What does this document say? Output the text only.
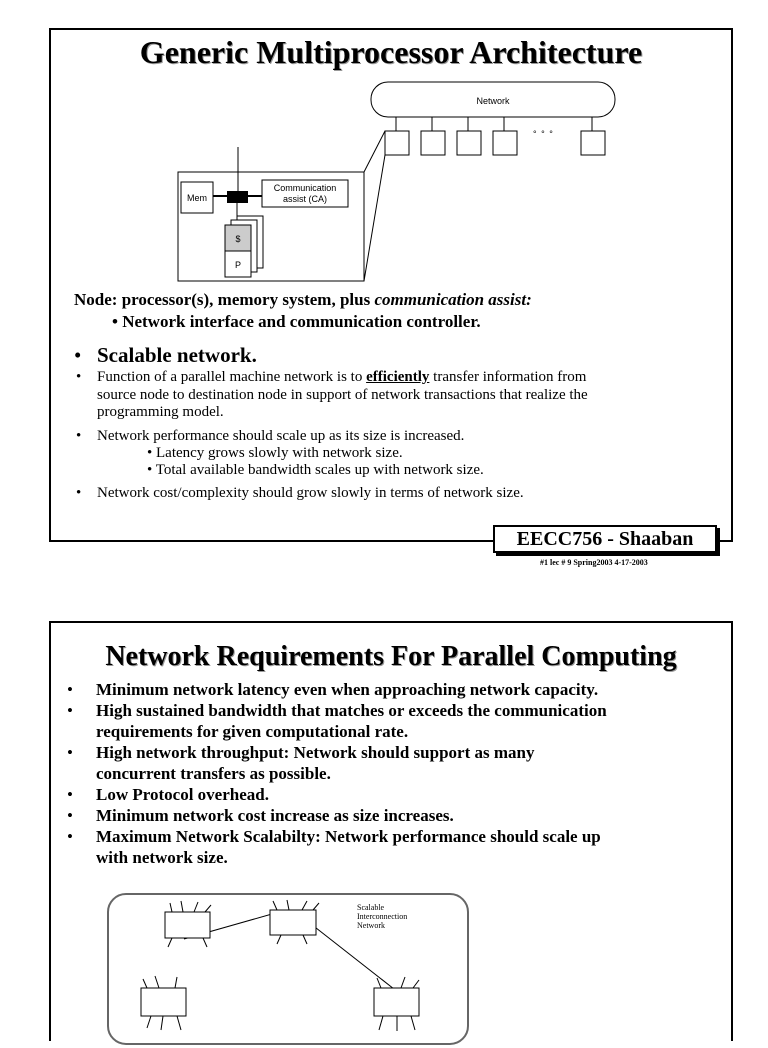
Generic Multiprocessor Architecture
Network
° ° °
Mem
Communication
assist (CA)
$
P
Node: processor(s), memory system, plus communication assist:
• Network interface and communication controller.
• Scalable network.
• Function of a parallel machine network is to efficiently transfer information from
source node to destination node in support of network transactions that realize the
programming model.
• Network performance should scale up as its size is increased.
• Latency grows slowly with network size.
• Total available bandwidth scales up with network size.
• Network cost/complexity should grow slowly in terms of network size.
EECC756 - Shaaban
#1 lec # 9 Spring2003 4-17-2003
Network Requirements For Parallel Computing
• Minimum network latency even when approaching network capacity.
• High sustained bandwidth that matches or exceeds the communication
requirements for given computational rate.
• High network throughput: Network should support as many
concurrent transfers as possible.
• Low Protocol overhead.
• Minimum network cost increase as size increases.
• Maximum Network Scalabilty: Network performance should scale up
with network size.
Scalable
Interconnection
Network
